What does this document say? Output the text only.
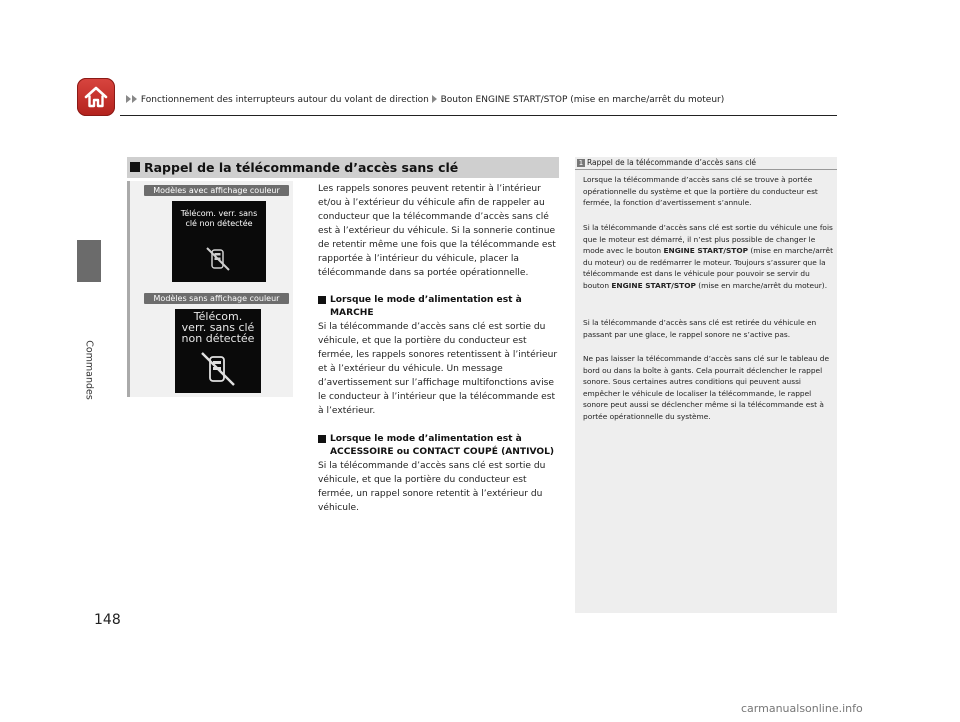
Fonctionnement des interrupteurs autour du volant de direction Bouton ENGINE START/STOP (mise en marche/arrêt du moteur)
Commandes
148
Rappel de la télécommande d’accès sans clé
Modèles avec affichage couleur
Télécom. verr. sans
clé non détectée
Modèles sans affichage couleur
Télécom.
verr. sans clé
non détectée
Les rappels sonores peuvent retentir à l’intérieur et/ou à l’extérieur du véhicule afin de rappeler au conducteur que la télécommande d’accès sans clé est à l’extérieur du véhicule. Si la sonnerie continue de retentir même une fois que la télécommande est rapportée à l’intérieur du véhicule, placer la télécommande dans sa portée opérationnelle.
Lorsque le mode d’alimentation est à MARCHE
Si la télécommande d’accès sans clé est sortie du véhicule, et que la portière du conducteur est fermée, les rappels sonores retentissent à l’intérieur et à l’extérieur du véhicule. Un message d’avertissement sur l’affichage multifonctions avise le conducteur à l’intérieur que la télécommande est à l’extérieur.
Lorsque le mode d’alimentation est à ACCESSOIRE ou CONTACT COUPÉ (ANTIVOL)
Si la télécommande d’accès sans clé est sortie du véhicule, et que la portière du conducteur est fermée, un rappel sonore retentit à l’extérieur du véhicule.
1 Rappel de la télécommande d’accès sans clé
Lorsque la télécommande d’accès sans clé se trouve à portée opérationnelle du système et que la portière du conducteur est fermée, la fonction d’avertissement s’annule.
Si la télécommande d’accès sans clé est sortie du véhicule une fois que le moteur est démarré, il n’est plus possible de changer le mode avec le bouton ENGINE START/STOP (mise en marche/arrêt du moteur) ou de redémarrer le moteur. Toujours s’assurer que la télécommande est dans le véhicule pour pouvoir se servir du bouton ENGINE START/STOP (mise en marche/arrêt du moteur).
Si la télécommande d’accès sans clé est retirée du véhicule en passant par une glace, le rappel sonore ne s’active pas.
Ne pas laisser la télécommande d’accès sans clé sur le tableau de bord ou dans la boîte à gants. Cela pourrait déclencher le rappel sonore. Sous certaines autres conditions qui peuvent aussi empêcher le véhicule de localiser la télécommande, le rappel sonore peut aussi se déclencher même si la télécommande est à portée opérationnelle du système.
carmanualsonline.info
